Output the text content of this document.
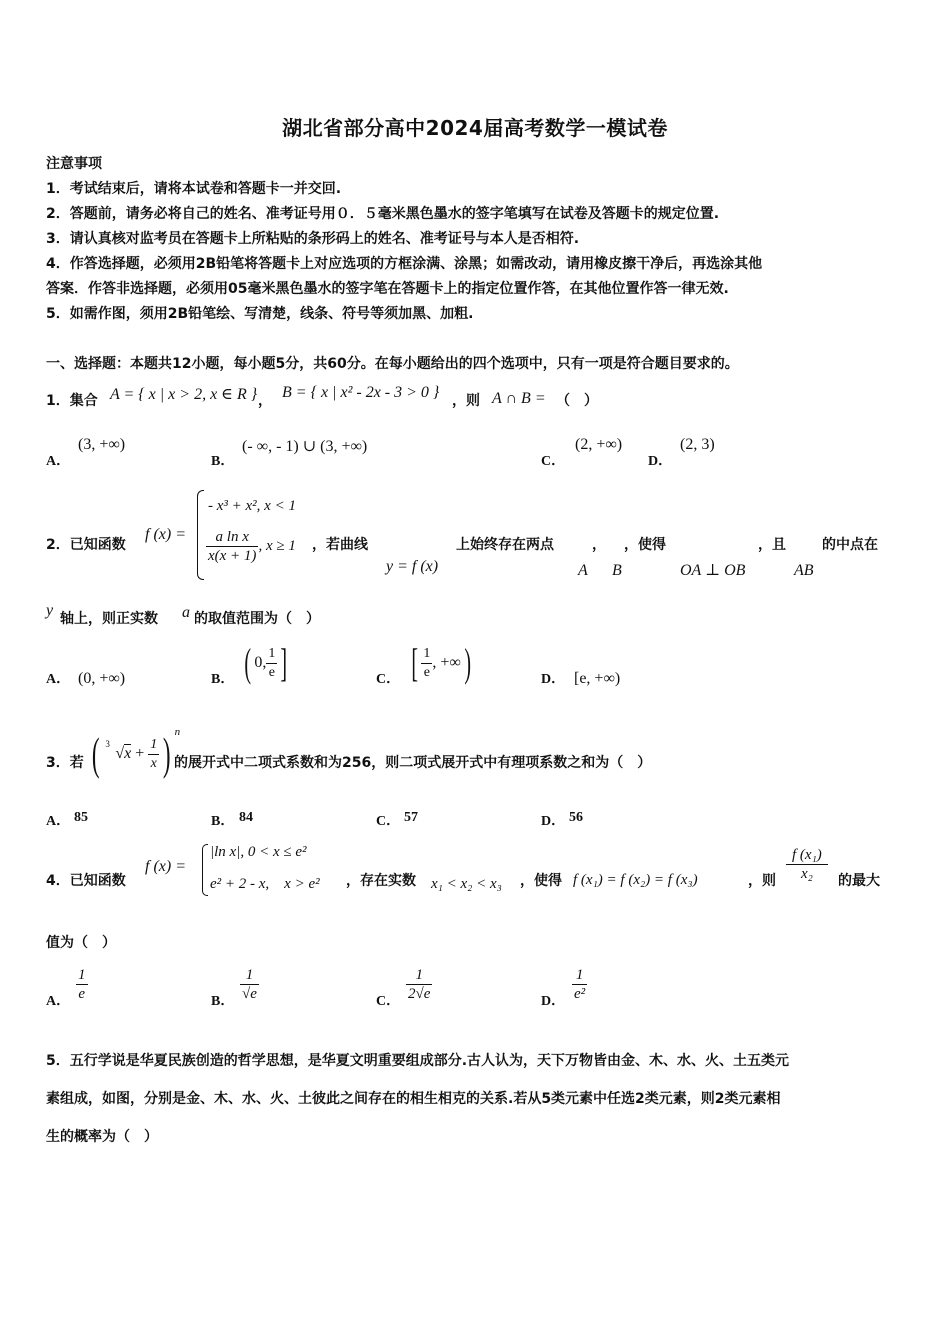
湖北省部分高中2024届高考数学一模试卷
注意事项
1．考试结束后，请将本试卷和答题卡一并交回.
2．答题前，请务必将自己的姓名、准考证号用０．５毫米黑色墨水的签字笔填写在试卷及答题卡的规定位置.
3．请认真核对监考员在答题卡上所粘贴的条形码上的姓名、准考证号与本人是否相符.
4．作答选择题，必须用2B铅笔将答题卡上对应选项的方框涂满、涂黑；如需改动，请用橡皮擦干净后，再选涂其他
答案．作答非选择题，必须用05毫米黑色墨水的签字笔在答题卡上的指定位置作答，在其他位置作答一律无效.
5．如需作图，须用2B铅笔绘、写清楚，线条、符号等须加黑、加粗.
一、选择题：本题共12小题，每小题5分，共60分。在每小题给出的四个选项中，只有一项是符合题目要求的。
1．集合 A = { x | x > 2, x ∈ R } ， B = { x | x² - 2x - 3 > 0 } ，则 A ∩ B = （　）
A．
(3, +∞)
B．
(- ∞, - 1) ∪ (3, +∞)
C．
(2, +∞)
D．
(2, 3)
2．已知函数
f (x) =
- x³ + x², x < 1
$\frac{\text{a ln x}}{x(x + 1)}$ , x ≥ 1 ，若曲线
y = f (x)
上始终存在两点
A
，
B
，使得
OA ⊥ OB
，且
AB
的中点在
y 轴上，则正实数 a 的取值范围为（　）
A． (0, +∞)	B． ( 0, $\frac{1}{e}$ ]	C． [ $\frac{1}{e}$ , +∞ )	D． [e, +∞)
3．若 ( 3
$√x + \frac{1}{x}$ ) n
的展开式中二项式系数和为256，则二项式展开式中有理项系数之和为（　）
A． 85	B． 84	C． 57	D． 56
4．已知函数
f (x) =
|ln x|, 0 < x ≤ e²
e² + 2 - x,　x > e² ，存在实数 x₁ < x₂ < x₃ ，使得 f (x₁) = f (x₂) = f (x₃)	，则 $\frac{\text{f (x₁)}}{\text{x₂}}$ 的最大
值为（　）
A． $\frac{1}{e}$	B． $\frac{1}{√e}$	C． $\frac{1}{2√e}$	D． $\frac{1}{\text{e²}}$
5．五行学说是华夏民族创造的哲学思想，是华夏文明重要组成部分.古人认为，天下万物皆由金、木、水、火、土五类元
素组成，如图，分别是金、木、水、火、土彼此之间存在的相生相克的关系.若从5类元素中任选2类元素，则2类元素相
生的概率为（　）
